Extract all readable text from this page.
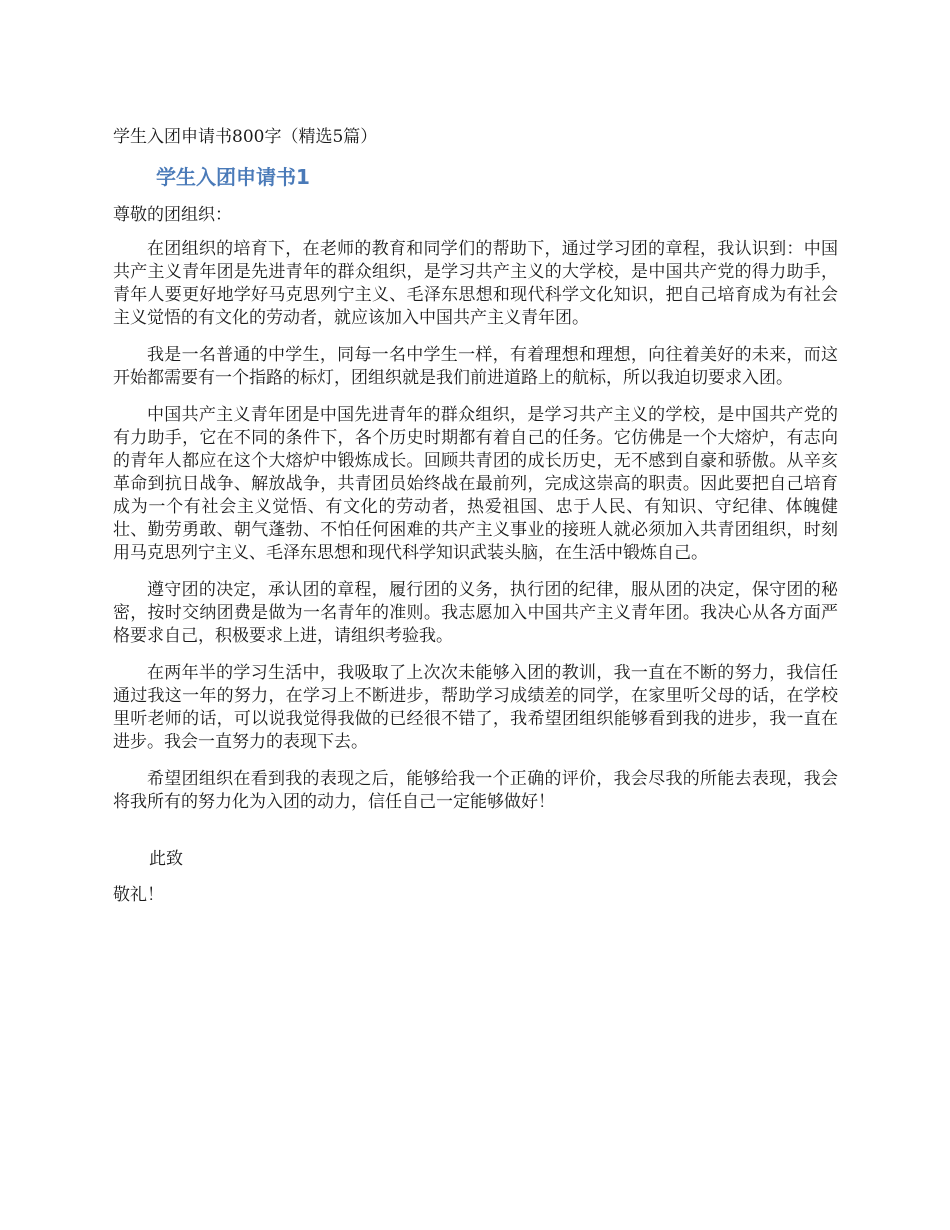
学生入团申请书800字（精选5篇）
学生入团申请书1
尊敬的团组织：

在团组织的培育下，在老师的教育和同学们的帮助下，通过学习团的章程，我认识到：中国共产主义青年团是先进青年的群众组织，是学习共产主义的大学校，是中国共产党的得力助手，青年人要更好地学好马克思列宁主义、毛泽东思想和现代科学文化知识，把自己培育成为有社会主义觉悟的有文化的劳动者，就应该加入中国共产主义青年团。

我是一名普通的中学生，同每一名中学生一样，有着理想和理想，向往着美好的未来，而这开始都需要有一个指路的标灯，团组织就是我们前进道路上的航标，所以我迫切要求入团。

中国共产主义青年团是中国先进青年的群众组织，是学习共产主义的学校，是中国共产党的有力助手，它在不同的条件下，各个历史时期都有着自己的任务。它仿佛是一个大熔炉，有志向的青年人都应在这个大熔炉中锻炼成长。回顾共青团的成长历史，无不感到自豪和骄傲。从辛亥革命到抗日战争、解放战争，共青团员始终战在最前列，完成这崇高的职责。因此要把自己培育成为一个有社会主义觉悟、有文化的劳动者，热爱祖国、忠于人民、有知识、守纪律、体魄健壮、勤劳勇敢、朝气蓬勃、不怕任何困难的共产主义事业的接班人就必须加入共青团组织，时刻用马克思列宁主义、毛泽东思想和现代科学知识武装头脑，在生活中锻炼自己。

遵守团的决定，承认团的章程，履行团的义务，执行团的纪律，服从团的决定，保守团的秘密，按时交纳团费是做为一名青年的准则。我志愿加入中国共产主义青年团。我决心从各方面严格要求自己，积极要求上进，请组织考验我。

在两年半的学习生活中，我吸取了上次次未能够入团的教训，我一直在不断的努力，我信任通过我这一年的努力，在学习上不断进步，帮助学习成绩差的同学，在家里听父母的话，在学校里听老师的话，可以说我觉得我做的已经很不错了，我希望团组织能够看到我的进步，我一直在进步。我会一直努力的表现下去。

希望团组织在看到我的表现之后，能够给我一个正确的评价，我会尽我的所能去表现，我会将我所有的努力化为入团的动力，信任自己一定能够做好！

此致
敬礼！
